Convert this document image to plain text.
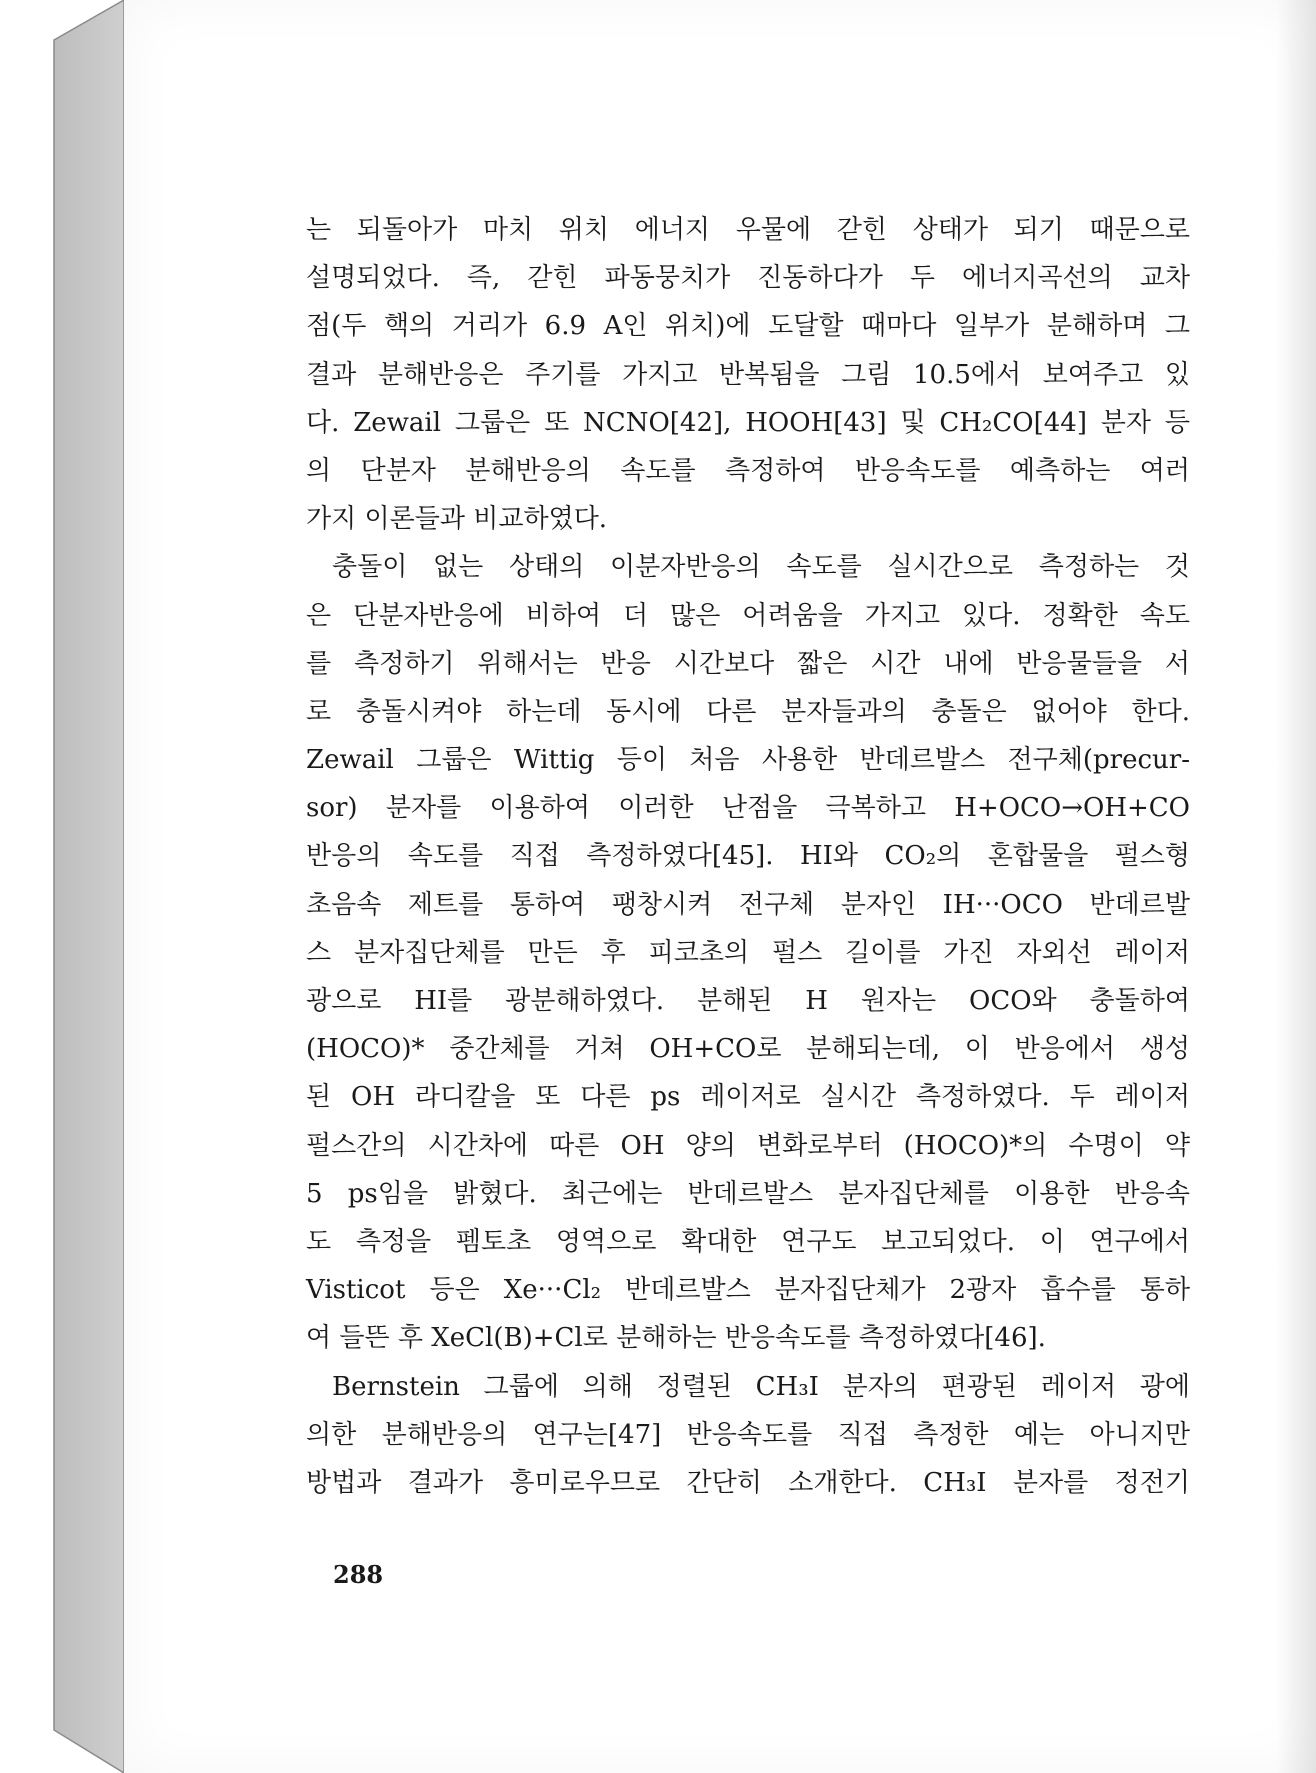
는 되돌아가 마치 위치 에너지 우물에 갇힌 상태가 되기 때문으로
설명되었다. 즉, 갇힌 파동뭉치가 진동하다가 두 에너지곡선의 교차
점(두 핵의 거리가 6.9 A인 위치)에 도달할 때마다 일부가 분해하며 그
결과 분해반응은 주기를 가지고 반복됨을 그림 10.5에서 보여주고 있
다. Zewail 그룹은 또 NCNO[42], HOOH[43] 및 CH₂CO[44] 분자 등
의 단분자 분해반응의 속도를 측정하여 반응속도를 예측하는 여러
가지 이론들과 비교하였다.
충돌이 없는 상태의 이분자반응의 속도를 실시간으로 측정하는 것
은 단분자반응에 비하여 더 많은 어려움을 가지고 있다. 정확한 속도
를 측정하기 위해서는 반응 시간보다 짧은 시간 내에 반응물들을 서
로 충돌시켜야 하는데 동시에 다른 분자들과의 충돌은 없어야 한다.
Zewail 그룹은 Wittig 등이 처음 사용한 반데르발스 전구체(precur-
sor) 분자를 이용하여 이러한 난점을 극복하고 H+OCO→OH+CO
반응의 속도를 직접 측정하였다[45]. HI와 CO₂의 혼합물을 펄스형
초음속 제트를 통하여 팽창시켜 전구체 분자인 IH···OCO 반데르발
스 분자집단체를 만든 후 피코초의 펄스 길이를 가진 자외선 레이저
광으로 HI를 광분해하였다. 분해된 H 원자는 OCO와 충돌하여
(HOCO)* 중간체를 거쳐 OH+CO로 분해되는데, 이 반응에서 생성
된 OH 라디칼을 또 다른 ps 레이저로 실시간 측정하였다. 두 레이저
펄스간의 시간차에 따른 OH 양의 변화로부터 (HOCO)*의 수명이 약
5 ps임을 밝혔다. 최근에는 반데르발스 분자집단체를 이용한 반응속
도 측정을 펨토초 영역으로 확대한 연구도 보고되었다. 이 연구에서
Visticot 등은 Xe···Cl₂ 반데르발스 분자집단체가 2광자 흡수를 통하
여 들뜬 후 XeCl(B)+Cl로 분해하는 반응속도를 측정하였다[46].
Bernstein 그룹에 의해 정렬된 CH₃I 분자의 편광된 레이저 광에
의한 분해반응의 연구는[47] 반응속도를 직접 측정한 예는 아니지만
방법과 결과가 흥미로우므로 간단히 소개한다. CH₃I 분자를 정전기
288
